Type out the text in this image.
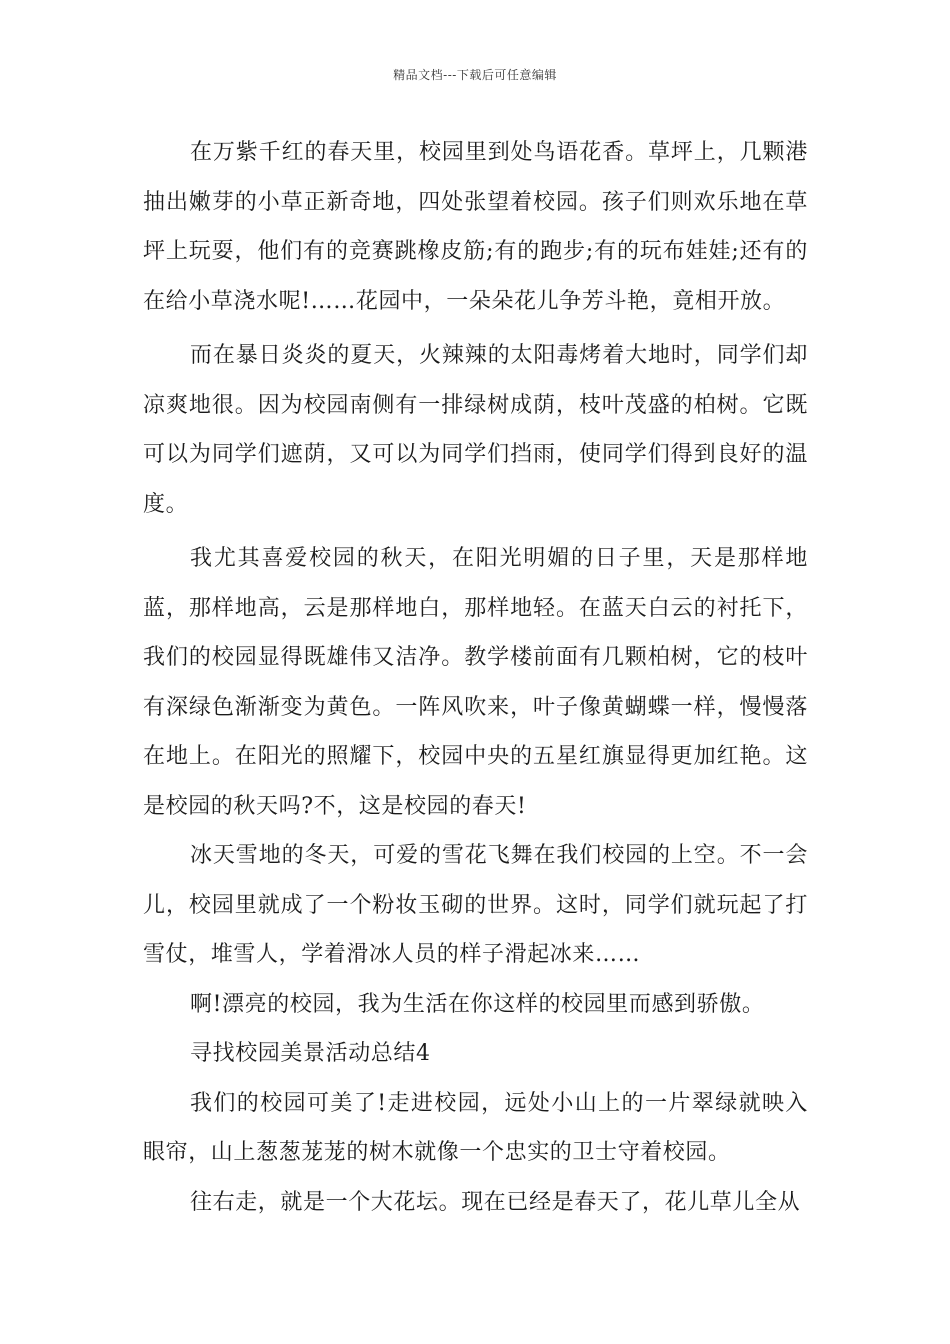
精品文档---下载后可任意编辑

在万紫千红的春天里，校园里到处鸟语花香。草坪上，几颗港抽出嫩芽的小草正新奇地，四处张望着校园。孩子们则欢乐地在草坪上玩耍，他们有的竞赛跳橡皮筋;有的跑步;有的玩布娃娃;还有的在给小草浇水呢!……花园中，一朵朵花儿争芳斗艳，竟相开放。

而在暴日炎炎的夏天，火辣辣的太阳毒烤着大地时，同学们却凉爽地很。因为校园南侧有一排绿树成荫，枝叶茂盛的柏树。它既可以为同学们遮荫，又可以为同学们挡雨，使同学们得到良好的温度。

我尤其喜爱校园的秋天，在阳光明媚的日子里，天是那样地蓝，那样地高，云是那样地白，那样地轻。在蓝天白云的衬托下，我们的校园显得既雄伟又洁净。教学楼前面有几颗柏树，它的枝叶有深绿色渐渐变为黄色。一阵风吹来，叶子像黄蝴蝶一样，慢慢落在地上。在阳光的照耀下，校园中央的五星红旗显得更加红艳。这是校园的秋天吗?不，这是校园的春天!

冰天雪地的冬天，可爱的雪花飞舞在我们校园的上空。不一会儿，校园里就成了一个粉妆玉砌的世界。这时，同学们就玩起了打雪仗，堆雪人，学着滑冰人员的样子滑起冰来……

啊!漂亮的校园，我为生活在你这样的校园里而感到骄傲。

寻找校园美景活动总结4

我们的校园可美了!走进校园，远处小山上的一片翠绿就映入眼帘，山上葱葱茏茏的树木就像一个忠实的卫士守着校园。

往右走，就是一个大花坛。现在已经是春天了，花儿草儿全从
